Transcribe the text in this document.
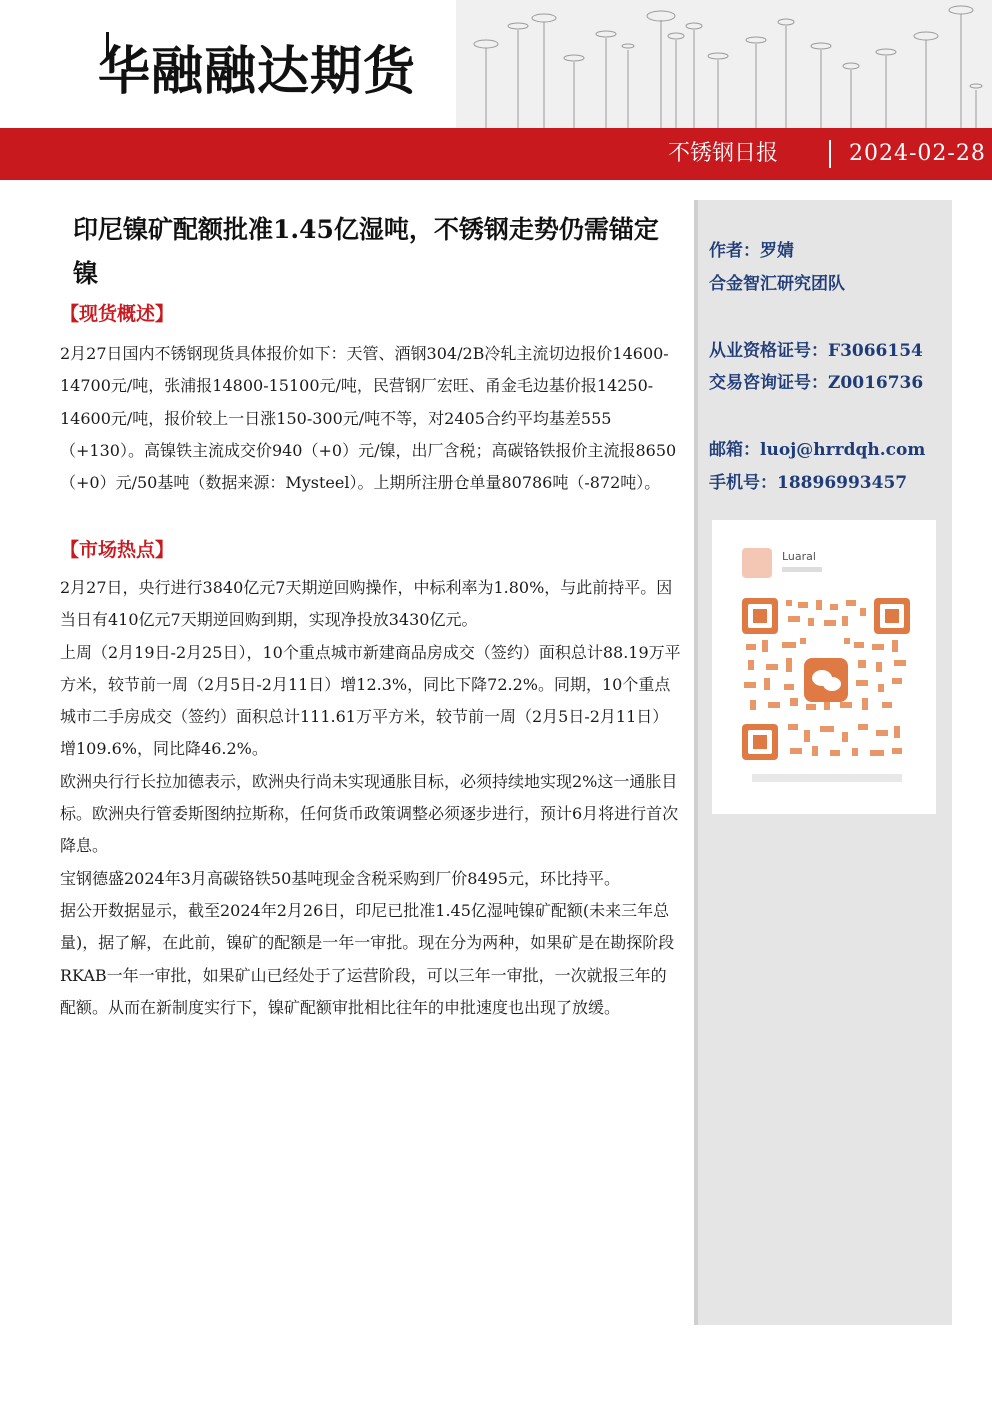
华融融达期货
不锈钢日报	2024-02-28
作者：罗婧
合金智汇研究团队
从业资格证号：F3066154
交易咨询证号：Z0016736
邮箱：luoj@hrrdqh.com
手机号：18896993457
Luaral
印尼镍矿配额批准1.45亿湿吨，不锈钢走势仍需锚定镍
【现货概述】

2月27日国内不锈钢现货具体报价如下：天管、酒钢304/2B冷轧主流切边报价14600-14700元/吨，张浦报14800-15100元/吨，民营钢厂宏旺、甬金毛边基价报14250-14600元/吨，报价较上一日涨150-300元/吨不等，对2405合约平均基差555（+130）。高镍铁主流成交价940（+0）元/镍，出厂含税；高碳铬铁报价主流报8650（+0）元/50基吨（数据来源：Mysteel）。上期所注册仓单量80786吨（-872吨）。

【市场热点】

2月27日，央行进行3840亿元7天期逆回购操作，中标利率为1.80%，与此前持平。因当日有410亿元7天期逆回购到期，实现净投放3430亿元。

上周（2月19日-2月25日），10个重点城市新建商品房成交（签约）面积总计88.19万平方米，较节前一周（2月5日-2月11日）增12.3%，同比下降72.2%。同期，10个重点城市二手房成交（签约）面积总计111.61万平方米，较节前一周（2月5日-2月11日）增109.6%，同比降46.2%。

欧洲央行行长拉加德表示，欧洲央行尚未实现通胀目标，必须持续地实现2%这一通胀目标。欧洲央行管委斯图纳拉斯称，任何货币政策调整必须逐步进行，预计6月将进行首次降息。

宝钢德盛2024年3月高碳铬铁50基吨现金含税采购到厂价8495元，环比持平。

据公开数据显示，截至2024年2月26日，印尼已批准1.45亿湿吨镍矿配额(未来三年总量)，据了解，在此前，镍矿的配额是一年一审批。现在分为两种，如果矿是在勘探阶段RKAB一年一审批，如果矿山已经处于了运营阶段，可以三年一审批，一次就报三年的配额。从而在新制度实行下，镍矿配额审批相比往年的申批速度也出现了放缓。
